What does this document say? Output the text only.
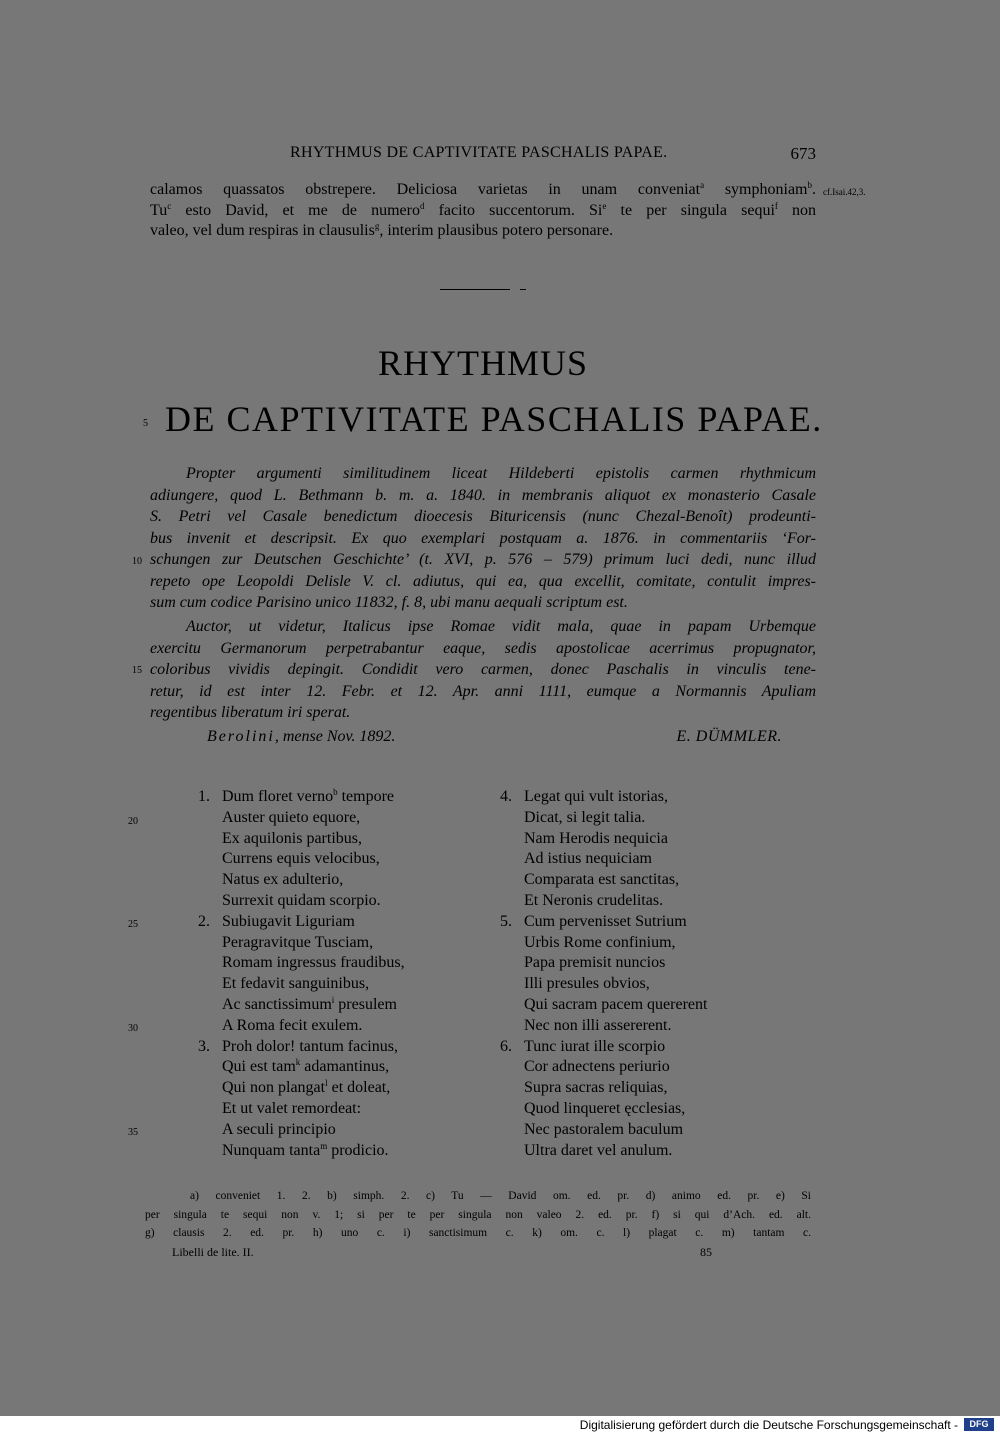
RHYTHMUS DE CAPTIVITATE PASCHALIS PAPAE.	673
calamos quassatos obstrepere. Deliciosa varietas in unam conveniat$^a$ symphoniam$^b$.
Tu$^c$ esto David, et me de numero$^d$ facito succentorum. Si$^e$ te per singula sequi$^f$ non
valeo, vel dum respiras in clausulis$^g$, interim plausibus potero personare.
cf.Isai.42,3.
RHYTHMUS
5 DE CAPTIVITATE PASCHALIS PAPAE.
Propter argumenti similitudinem liceat Hildeberti epistolis carmen rhythmicum
adiungere, quod L. Bethmann b. m. a. 1840. in membranis aliquot ex monasterio Casale
S. Petri vel Casale benedictum dioecesis Bituricensis (nunc Chezal-Benoît) prodeunti-
bus invenit et descripsit. Ex quo exemplari postquam a. 1876. in commentariis ‘For-
schungen zur Deutschen Geschichte’ (t. XVI, p. 576 – 579) primum luci dedi, nunc illud
repeto ope Leopoldi Delisle V. cl. adiutus, qui ea, qua excellit, comitate, contulit impres-
sum cum codice Parisino unico 11832, f. 8, ubi manu aequali scriptum est.
10
Auctor, ut videtur, Italicus ipse Romae vidit mala, quae in papam Urbemque
exercitu Germanorum perpetrabantur eaque, sedis apostolicae acerrimus propugnator,
coloribus vividis depingit. Condidit vero carmen, donec Paschalis in vinculis tene-
retur, id est inter 12. Febr. et 12. Apr. anni 1111, eumque a Normannis Apuliam
regentibus liberatum iri sperat.
15
Berolini, mense Nov. 1892.	E. DÜMMLER.
1. Dum floret verno$^b$ tempore
Auster quieto equore,
Ex aquilonis partibus,
Currens equis velocibus,
Natus ex adulterio,
Surrexit quidam scorpio.
2. Subiugavit Liguriam
Peragravitque Tusciam,
Romam ingressus fraudibus,
Et fedavit sanguinibus,
Ac sanctissimum$^i$ presulem
A Roma fecit exulem.
3. Proh dolor! tantum facinus,
Qui est tam$^k$ adamantinus,
Qui non plangat$^l$ et doleat,
Et ut valet remordeat:
A seculi principio
Nunquam tanta$^m$ prodicio.
4. Legat qui vult istorias,
Dicat, si legit talia.
Nam Herodis nequicia
Ad istius nequiciam
Comparata est sanctitas,
Et Neronis crudelitas.
5. Cum pervenisset Sutrium
Urbis Rome confinium,
Papa premisit nuncios
Illi presules obvios,
Qui sacram pacem quererent
Nec non illi assererent.
6. Tunc iurat ille scorpio
Cor adnectens periurio
Supra sacras reliquias,
Quod linqueret ęcclesias,
Nec pastoralem baculum
Ultra daret vel anulum.
20
25
30
35
a) conveniet 1. 2. b) simph. 2. c) Tu — David om. ed. pr. d) animo ed. pr. e) Si
per singula te sequi non v. 1; si per te per singula non valeo 2. ed. pr. f) si qui d’Ach. ed. alt.
g) clausis 2. ed. pr. h) uno c. i) sanctisimum c. k) om. c. l) plagat c. m) tantam c.
Libelli de lite. II.	85
Digitalisierung gefördert durch die Deutsche Forschungsgemeinschaft -	DFG
